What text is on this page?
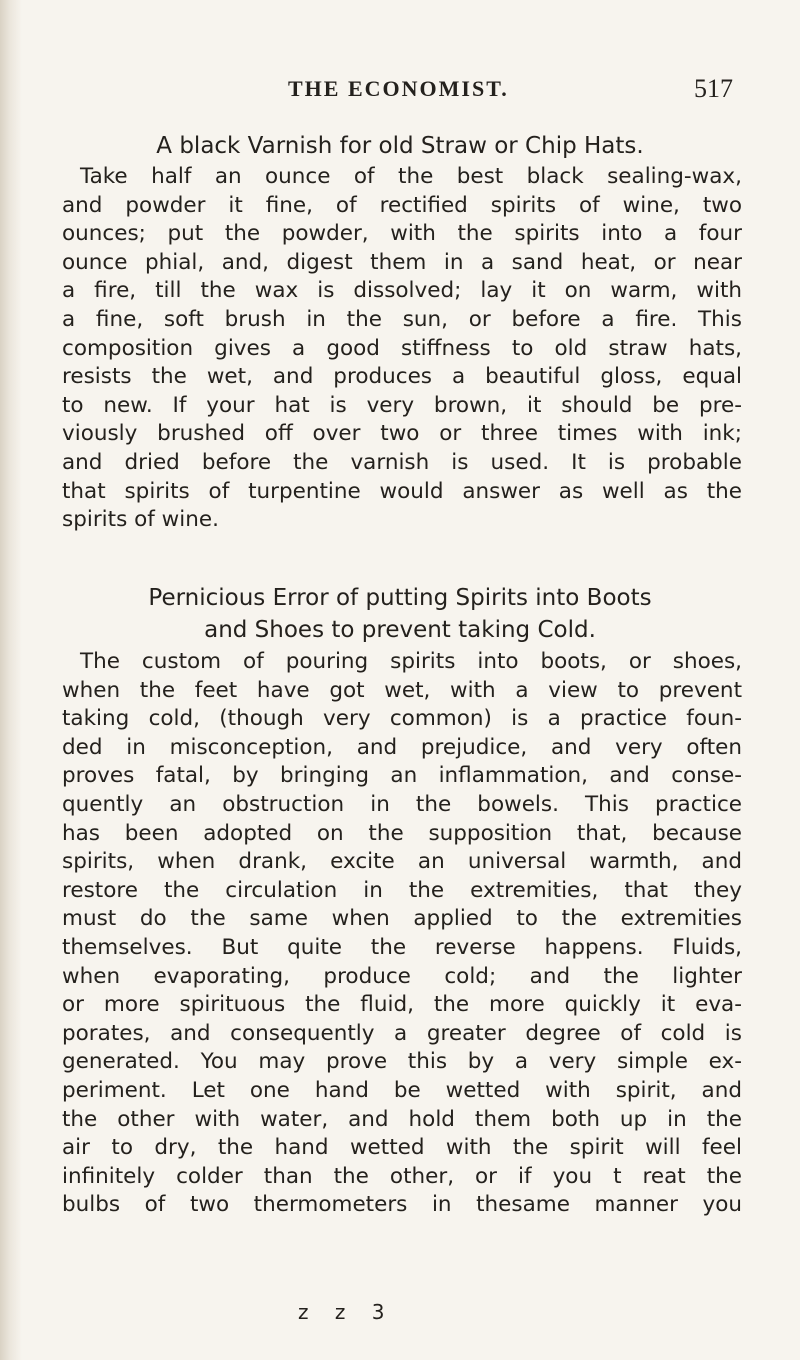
THE ECONOMIST.	517
A black Varnish for old Straw or Chip Hats.
Take half an ounce of the best black sealing-wax,
and powder it fine, of rectified spirits of wine, two
ounces; put the powder, with the spirits into a four
ounce phial, and, digest them in a sand heat, or near
a fire, till the wax is dissolved; lay it on warm, with
a fine, soft brush in the sun, or before a fire. This
composition gives a good stiffness to old straw hats,
resists the wet, and produces a beautiful gloss, equal
to new. If your hat is very brown, it should be pre-
viously brushed off over two or three times with ink;
and dried before the varnish is used. It is probable
that spirits of turpentine would answer as well as the
spirits of wine.
Pernicious Error of putting Spirits into Boots
and Shoes to prevent taking Cold.
The custom of pouring spirits into boots, or shoes,
when the feet have got wet, with a view to prevent
taking cold, (though very common) is a practice foun-
ded in misconception, and prejudice, and very often
proves fatal, by bringing an inflammation, and conse-
quently an obstruction in the bowels. This practice
has been adopted on the supposition that, because
spirits, when drank, excite an universal warmth, and
restore the circulation in the extremities, that they
must do the same when applied to the extremities
themselves. But quite the reverse happens. Fluids,
when evaporating, produce cold; and the lighter
or more spirituous the fluid, the more quickly it eva-
porates, and consequently a greater degree of cold is
generated. You may prove this by a very simple ex-
periment. Let one hand be wetted with spirit, and
the other with water, and hold them both up in the
air to dry, the hand wetted with the spirit will feel
infinitely colder than the other, or if you t reat the
bulbs of two thermometers in thesame manner you
z z 3
